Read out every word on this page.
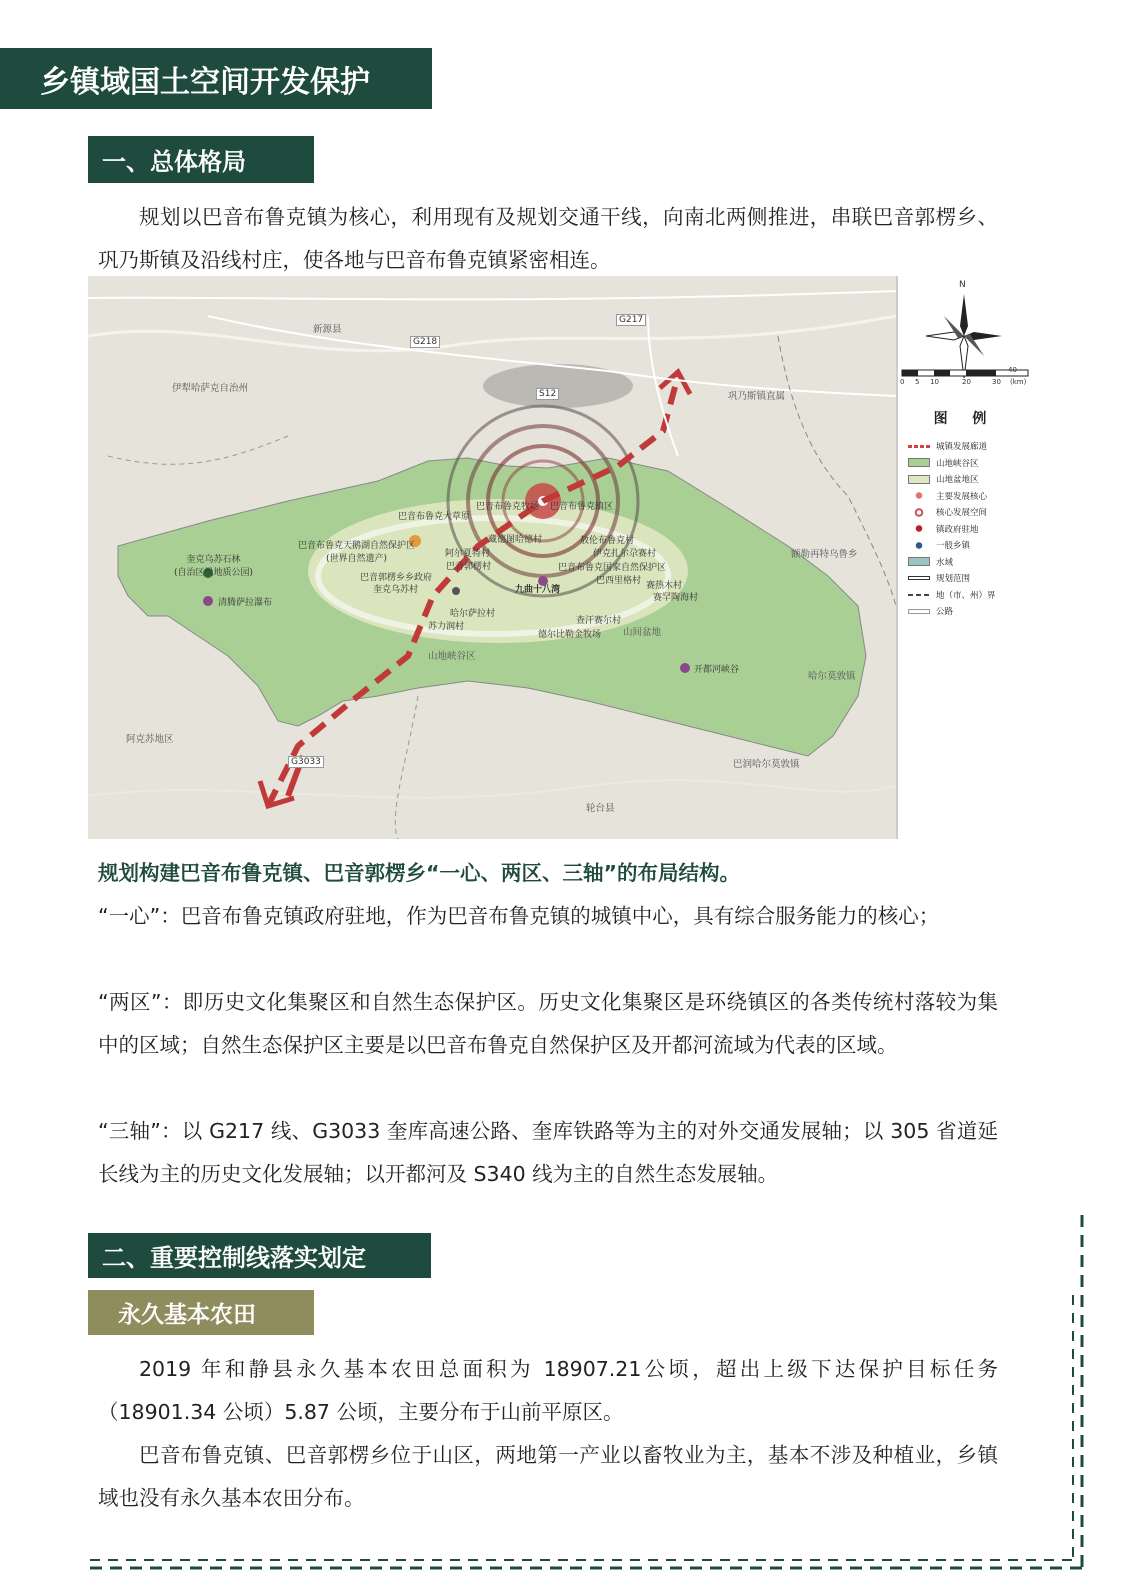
乡镇域国土空间开发保护
一、总体格局

规划以巴音布鲁克镇为核心，利用现有及规划交通干线，向南北两侧推进，串联巴音郭楞乡、巩乃斯镇及沿线村庄，使各地与巴音布鲁克镇紧密相连。

G217
G218
G3033
S12
伊犁哈萨克自治州
新源县
巩乃斯镇直属
额勒再特乌鲁乡
哈尔莫敦镇
阿克苏地区
巴润哈尔莫敦镇
轮台县
山地峡谷区
山间盆地
奎克乌苏石林
(自治区级地质公园)
清腾萨拉瀑布
开都河峡谷
巴音布鲁克镇区
巴音布鲁克牧场
巴音布鲁克大草原
巴音布鲁克天鹅湖自然保护区
(世界自然遗产)
巴音布鲁克国家自然保护区
藏德图哈德村
阿尔夏特村
巴音郭楞村
巴音郭楞乡乡政府
奎克乌苏村	九曲十八湾
哈尔萨拉村
苏力润村
查汗赛尔村
德尔比勒金牧场
敖伦布鲁克村
伊克扎尔尕赛村
巴西里格村 赛热木村
赛罕陶海村
N
0 5 10	20	30
40
(km)
图 例
城镇发展廊道
山地峡谷区
山地盆地区
主要发展核心
核心发展空间
镇政府驻地
一般乡镇
水域
规划范围
地（市、州）界
公路

规划构建巴音布鲁克镇、巴音郭楞乡“一心、两区、三轴”的布局结构。

“一心”：巴音布鲁克镇政府驻地，作为巴音布鲁克镇的城镇中心，具有综合服务能力的核心；

“两区”：即历史文化集聚区和自然生态保护区。历史文化集聚区是环绕镇区的各类传统村落较为集中的区域；自然生态保护区主要是以巴音布鲁克自然保护区及开都河流域为代表的区域。

“三轴”：以 G217 线、G3033 奎库高速公路、奎库铁路等为主的对外交通发展轴；以 305 省道延长线为主的历史文化发展轴；以开都河及 S340 线为主的自然生态发展轴。

二、重要控制线落实划定
永久基本农田

2019 年和静县永久基本农田总面积为 18907.21公顷，超出上级下达保护目标任务（18901.34 公顷）5.87 公顷，主要分布于山前平原区。

巴音布鲁克镇、巴音郭楞乡位于山区，两地第一产业以畜牧业为主，基本不涉及种植业，乡镇域也没有永久基本农田分布。
